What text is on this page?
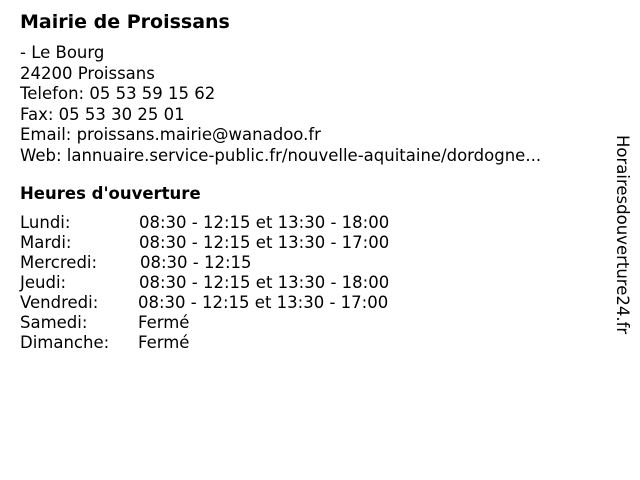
Mairie de Proissans
- Le Bourg
24200 Proissans
Telefon: 05 53 59 15 62
Fax: 05 53 30 25 01
Email: proissans.mairie@wanadoo.fr
Web: lannuaire.service-public.fr/nouvelle-aquitaine/dordogne...
Heures d'ouverture
Lundi:	08:30 - 12:15 et 13:30 - 18:00
Mardi:	08:30 - 12:15 et 13:30 - 17:00
Mercredi:	08:30 - 12:15
Jeudi:	08:30 - 12:15 et 13:30 - 18:00
Vendredi: 08:30 - 12:15 et 13:30 - 17:00
Samedi:	Fermé
Dimanche: Fermé
Horairesdouverture24.fr
